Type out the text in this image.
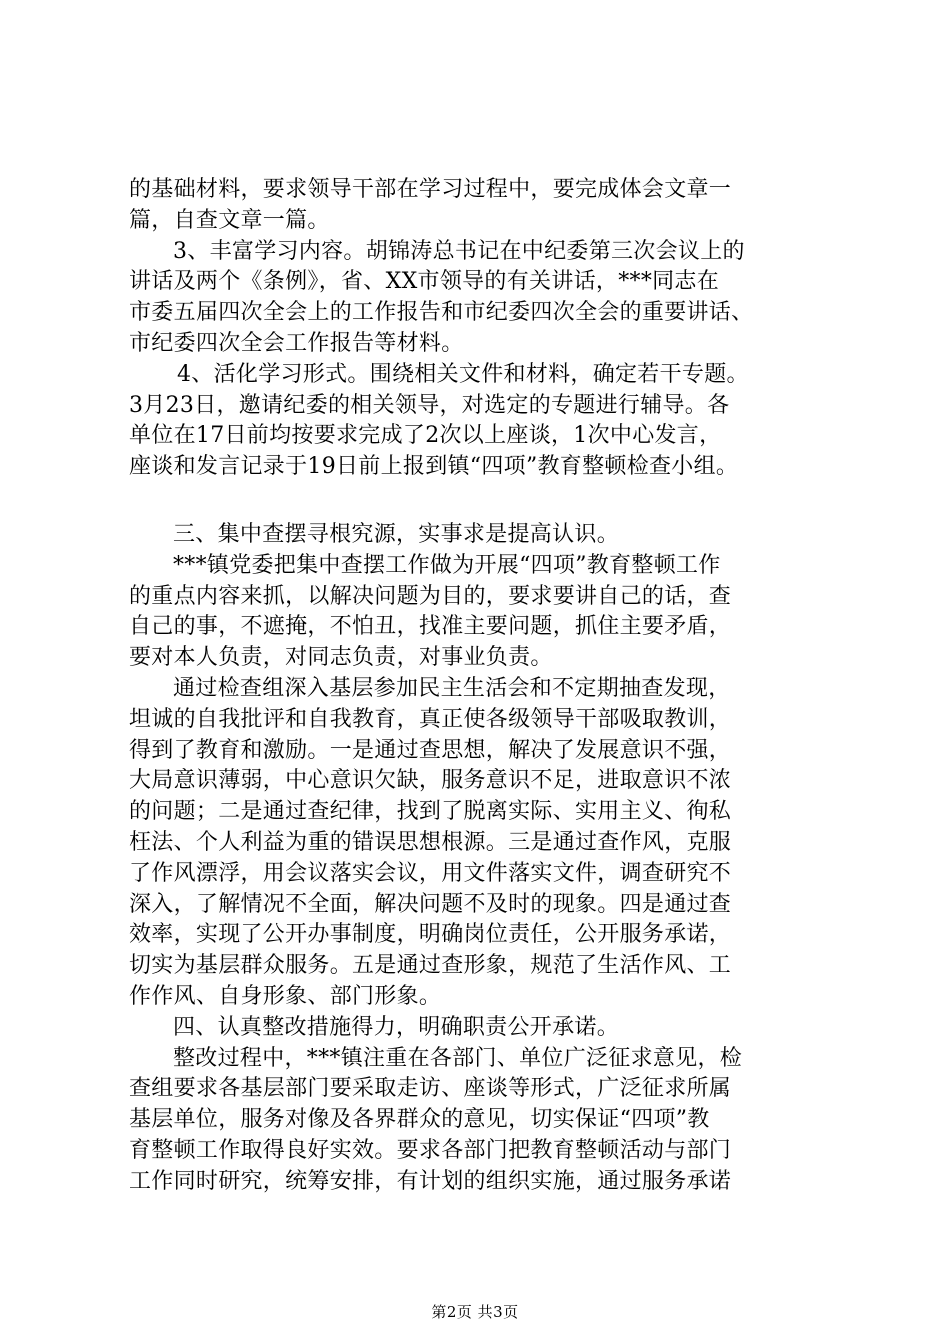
的基础材料，要求领导干部在学习过程中，要完成体会文章一
篇，自查文章一篇。
3、丰富学习内容。胡锦涛总书记在中纪委第三次会议上的
讲话及两个《条例》，省、XX市领导的有关讲话，***同志在
市委五届四次全会上的工作报告和市纪委四次全会的重要讲话、
市纪委四次全会工作报告等材料。
4、活化学习形式。围绕相关文件和材料，确定若干专题。
3月23日，邀请纪委的相关领导，对选定的专题进行辅导。各
单位在17日前均按要求完成了2次以上座谈，1次中心发言，
座谈和发言记录于19日前上报到镇“四项”教育整顿检查小组。
三、集中查摆寻根究源，实事求是提高认识。
***镇党委把集中查摆工作做为开展“四项”教育整顿工作
的重点内容来抓，以解决问题为目的，要求要讲自己的话，查
自己的事，不遮掩，不怕丑，找准主要问题，抓住主要矛盾，
要对本人负责，对同志负责，对事业负责。
通过检查组深入基层参加民主生活会和不定期抽查发现，
坦诚的自我批评和自我教育，真正使各级领导干部吸取教训，
得到了教育和激励。一是通过查思想，解决了发展意识不强，
大局意识薄弱，中心意识欠缺，服务意识不足，进取意识不浓
的问题；二是通过查纪律，找到了脱离实际、实用主义、徇私
枉法、个人利益为重的错误思想根源。三是通过查作风，克服
了作风漂浮，用会议落实会议，用文件落实文件，调查研究不
深入，了解情况不全面，解决问题不及时的现象。四是通过查
效率，实现了公开办事制度，明确岗位责任，公开服务承诺，
切实为基层群众服务。五是通过查形象，规范了生活作风、工
作作风、自身形象、部门形象。
四、认真整改措施得力，明确职责公开承诺。
整改过程中，***镇注重在各部门、单位广泛征求意见，检
查组要求各基层部门要采取走访、座谈等形式，广泛征求所属
基层单位，服务对像及各界群众的意见，切实保证“四项”教
育整顿工作取得良好实效。要求各部门把教育整顿活动与部门
工作同时研究，统筹安排，有计划的组织实施，通过服务承诺
第2页 共3页
